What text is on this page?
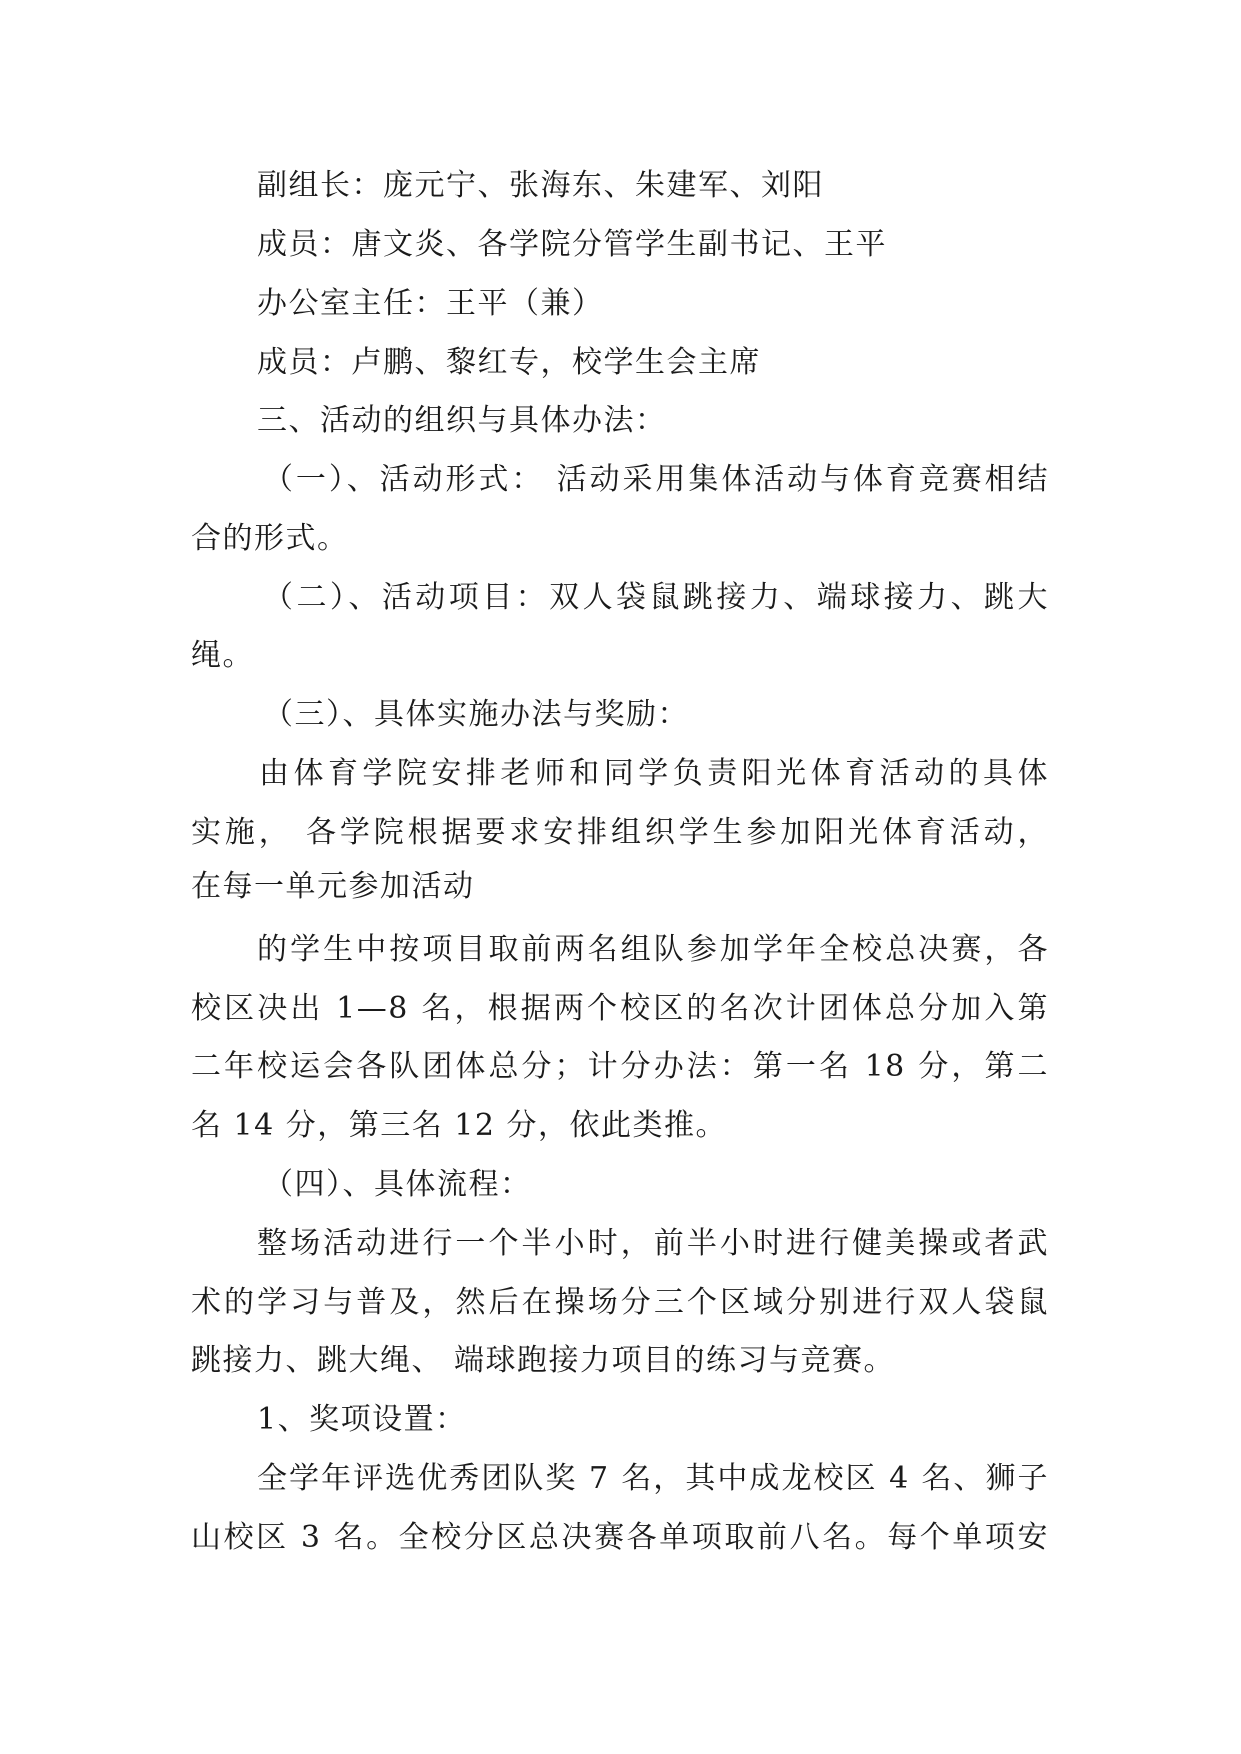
副组长：庞元宁、张海东、朱建军、刘阳
成员：唐文炎、各学院分管学生副书记、王平
办公室主任：王平（兼）
成员：卢鹏、黎红专，校学生会主席
三、活动的组织与具体办法：
（一）、活动形式： 活动采用集体活动与体育竞赛相结
合的形式。
（二）、活动项目：双人袋鼠跳接力、端球接力、跳大
绳。
（三）、具体实施办法与奖励：
由体育学院安排老师和同学负责阳光体育活动的具体
实施， 各学院根据要求安排组织学生参加阳光体育活动，
在每一单元参加活动
的学生中按项目取前两名组队参加学年全校总决赛，各
校区决出 1—8 名，根据两个校区的名次计团体总分加入第
二年校运会各队团体总分；计分办法：第一名 18 分，第二
名 14 分，第三名 12 分，依此类推。
（四）、具体流程：
整场活动进行一个半小时，前半小时进行健美操或者武
术的学习与普及，然后在操场分三个区域分别进行双人袋鼠
跳接力、跳大绳、 端球跑接力项目的练习与竞赛。
1、奖项设置：
全学年评选优秀团队奖 7 名，其中成龙校区 4 名、狮子
山校区 3 名。全校分区总决赛各单项取前八名。每个单项安
